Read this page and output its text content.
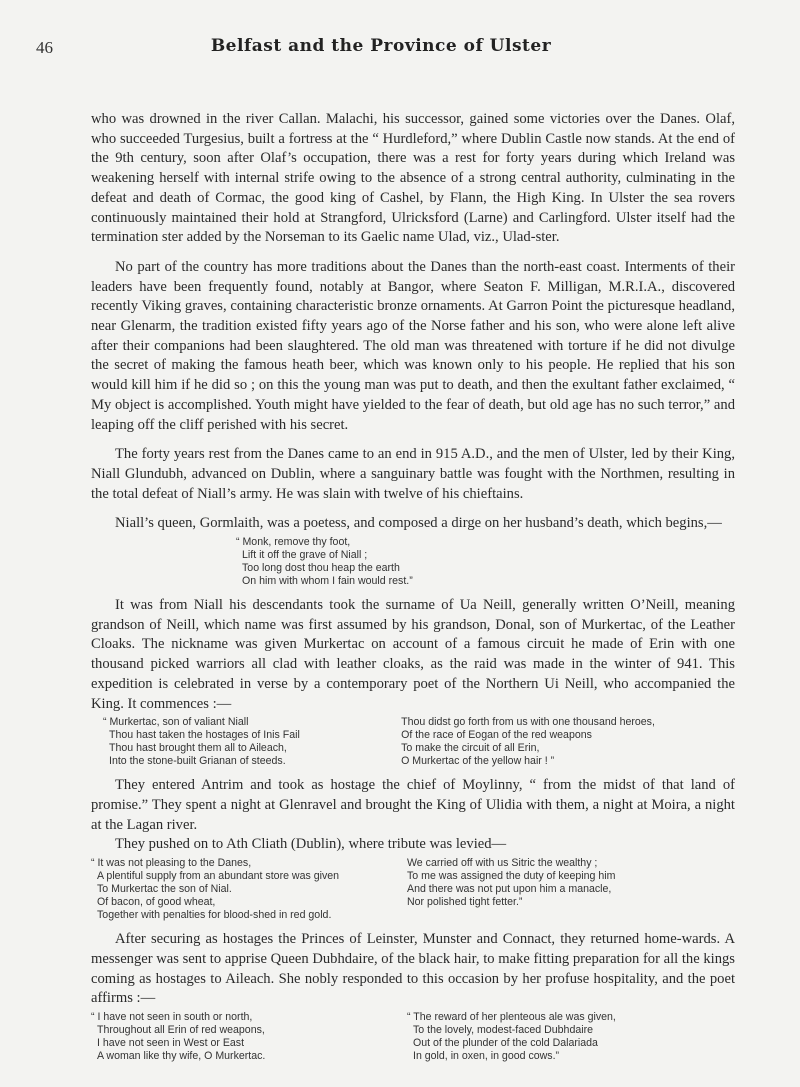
46	Belfast and the Province of Ulster

who was drowned in the river Callan. Malachi, his successor, gained some victories over the Danes. Olaf, who succeeded Turgesius, built a fortress at the “ Hurdleford,” where Dublin Castle now stands. At the end of the 9th century, soon after Olaf’s occupation, there was a rest for forty years during which Ireland was weakening herself with internal strife owing to the absence of a strong central authority, culminating in the defeat and death of Cormac, the good king of Cashel, by Flann, the High King. In Ulster the sea rovers continuously maintained their hold at Strangford, Ulricksford (Larne) and Carlingford. Ulster itself had the termination ster added by the Norseman to its Gaelic name Ulad, viz., Ulad-ster.

No part of the country has more traditions about the Danes than the north-east coast. Interments of their leaders have been frequently found, notably at Bangor, where Seaton F. Milligan, M.R.I.A., discovered recently Viking graves, containing characteristic bronze ornaments. At Garron Point the picturesque headland, near Glenarm, the tradition existed fifty years ago of the Norse father and his son, who were alone left alive after their companions had been slaughtered. The old man was threatened with torture if he did not divulge the secret of making the famous heath beer, which was known only to his people. He replied that his son would kill him if he did so ; on this the young man was put to death, and then the exultant father exclaimed, “ My object is accomplished. Youth might have yielded to the fear of death, but old age has no such terror,” and leaping off the cliff perished with his secret.

The forty years rest from the Danes came to an end in 915 A.D., and the men of Ulster, led by their King, Niall Glundubh, advanced on Dublin, where a sanguinary battle was fought with the Northmen, resulting in the total defeat of Niall’s army. He was slain with twelve of his chieftains.

Niall’s queen, Gormlaith, was a poetess, and composed a dirge on her husband’s death, which begins,—

“ Monk, remove thy foot,
Lift it off the grave of Niall ;
Too long dost thou heap the earth
On him with whom I fain would rest.”

It was from Niall his descendants took the surname of Ua Neill, generally written O’Neill, meaning grandson of Neill, which name was first assumed by his grandson, Donal, son of Murkertac, of the Leather Cloaks. The nickname was given Murkertac on account of a famous circuit he made of Erin with one thousand picked warriors all clad with leather cloaks, as the raid was made in the winter of 941. This expedition is celebrated in verse by a contemporary poet of the Northern Ui Neill, who accompanied the King. It commences :—

“ Murkertac, son of valiant Niall
Thou hast taken the hostages of Inis Fail
Thou hast brought them all to Aileach,
Into the stone-built Grianan of steeds.
Thou didst go forth from us with one thousand heroes,
Of the race of Eogan of the red weapons
To make the circuit of all Erin,
O Murkertac of the yellow hair ! ”

They entered Antrim and took as hostage the chief of Moylinny, “ from the midst of that land of promise.” They spent a night at Glenravel and brought the King of Ulidia with them, a night at Moira, a night at the Lagan river.

They pushed on to Ath Cliath (Dublin), where tribute was levied—

“ It was not pleasing to the Danes,
A plentiful supply from an abundant store was given
To Murkertac the son of Nial.
Of bacon, of good wheat,
We carried off with us Sitric the wealthy ;
To me was assigned the duty of keeping him
And there was not put upon him a manacle,
Nor polished tight fetter.”
Together with penalties for blood-shed in red gold.

After securing as hostages the Princes of Leinster, Munster and Connact, they returned home-wards. A messenger was sent to apprise Queen Dubhdaire, of the black hair, to make fitting preparation for all the kings coming as hostages to Aileach. She nobly responded to this occasion by her profuse hospitality, and the poet affirms :—

“ I have not seen in south or north,
Throughout all Erin of red weapons,
I have not seen in West or East
A woman like thy wife, O Murkertac.
“ The reward of her plenteous ale was given,
To the lovely, modest-faced Dubhdaire
Out of the plunder of the cold Dalariada
In gold, in oxen, in good cows.”
